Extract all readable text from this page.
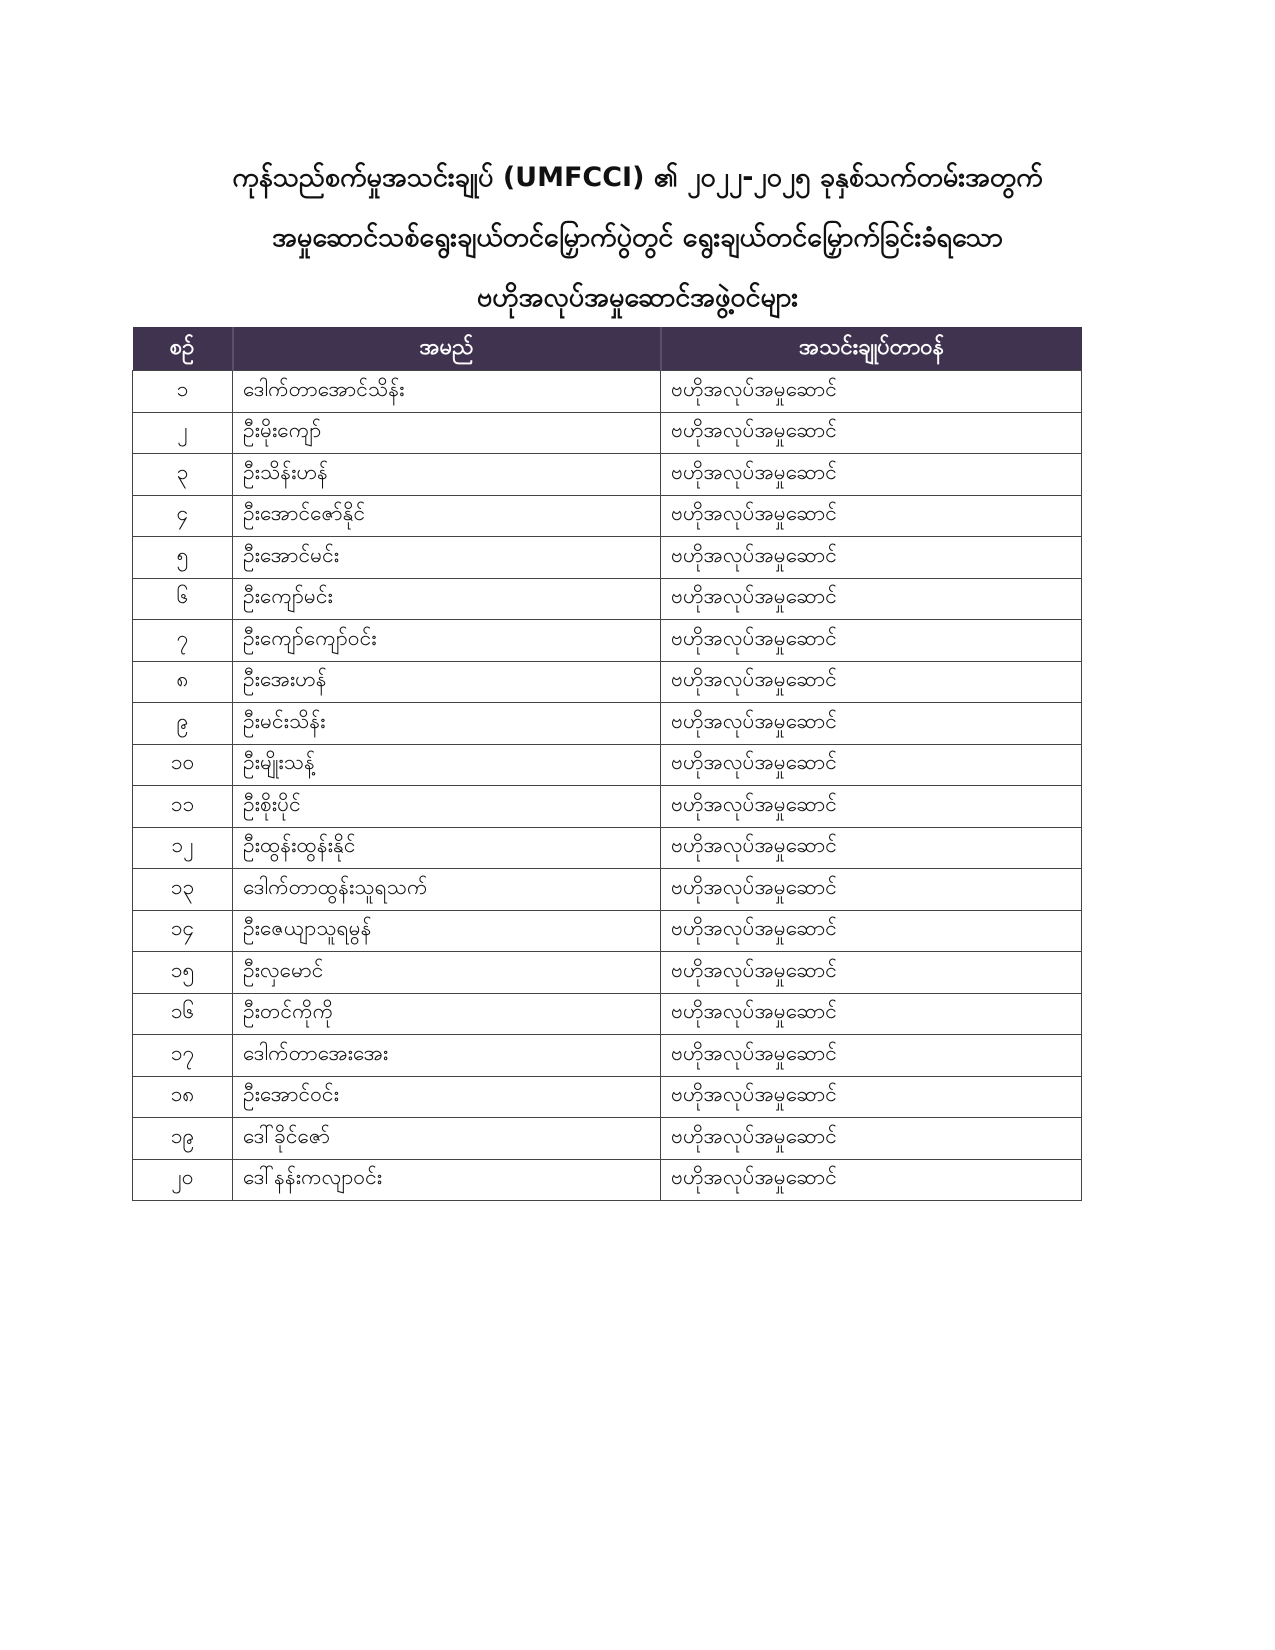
ကုန်သည်စက်မှုအသင်းချုပ် (UMFCCI) ၏ ၂၀၂၂-၂၀၂၅ ခုနှစ်သက်တမ်းအတွက်
အမှုဆောင်သစ်ရွေးချယ်တင်မြှောက်ပွဲတွင် ရွေးချယ်တင်မြှောက်ခြင်းခံရသော
ဗဟိုအလုပ်အမှုဆောင်အဖွဲ့ဝင်များ
စဉ်	အမည်	အသင်းချုပ်တာဝန်
၁	ဒေါက်တာအောင်သိန်း	ဗဟိုအလုပ်အမှုဆောင်
၂	ဦးမိုးကျော်	ဗဟိုအလုပ်အမှုဆောင်
၃	ဦးသိန်းဟန်	ဗဟိုအလုပ်အမှုဆောင်
၄	ဦးအောင်ဇော်နိုင်	ဗဟိုအလုပ်အမှုဆောင်
၅	ဦးအောင်မင်း	ဗဟိုအလုပ်အမှုဆောင်
၆	ဦးကျော်မင်း	ဗဟိုအလုပ်အမှုဆောင်
၇	ဦးကျော်ကျော်ဝင်း	ဗဟိုအလုပ်အမှုဆောင်
၈	ဦးအေးဟန်	ဗဟိုအလုပ်အမှုဆောင်
၉	ဦးမင်းသိန်း	ဗဟိုအလုပ်အမှုဆောင်
၁၀	ဦးမျိုးသန့်	ဗဟိုအလုပ်အမှုဆောင်
၁၁	ဦးစိုးပိုင်	ဗဟိုအလုပ်အမှုဆောင်
၁၂	ဦးထွန်းထွန်းနိုင်	ဗဟိုအလုပ်အမှုဆောင်
၁၃	ဒေါက်တာထွန်းသူရသက်	ဗဟိုအလုပ်အမှုဆောင်
၁၄	ဦးဇေယျာသူရမွန်	ဗဟိုအလုပ်အမှုဆောင်
၁၅	ဦးလှမောင်	ဗဟိုအလုပ်အမှုဆောင်
၁၆	ဦးတင်ကိုကို	ဗဟိုအလုပ်အမှုဆောင်
၁၇	ဒေါက်တာအေးအေး	ဗဟိုအလုပ်အမှုဆောင်
၁၈	ဦးအောင်ဝင်း	ဗဟိုအလုပ်အမှုဆောင်
၁၉	ဒေါ်ခိုင်ဇော်	ဗဟိုအလုပ်အမှုဆောင်
၂၀	ဒေါ်နန်းကလျာဝင်း	ဗဟိုအလုပ်အမှုဆောင်
